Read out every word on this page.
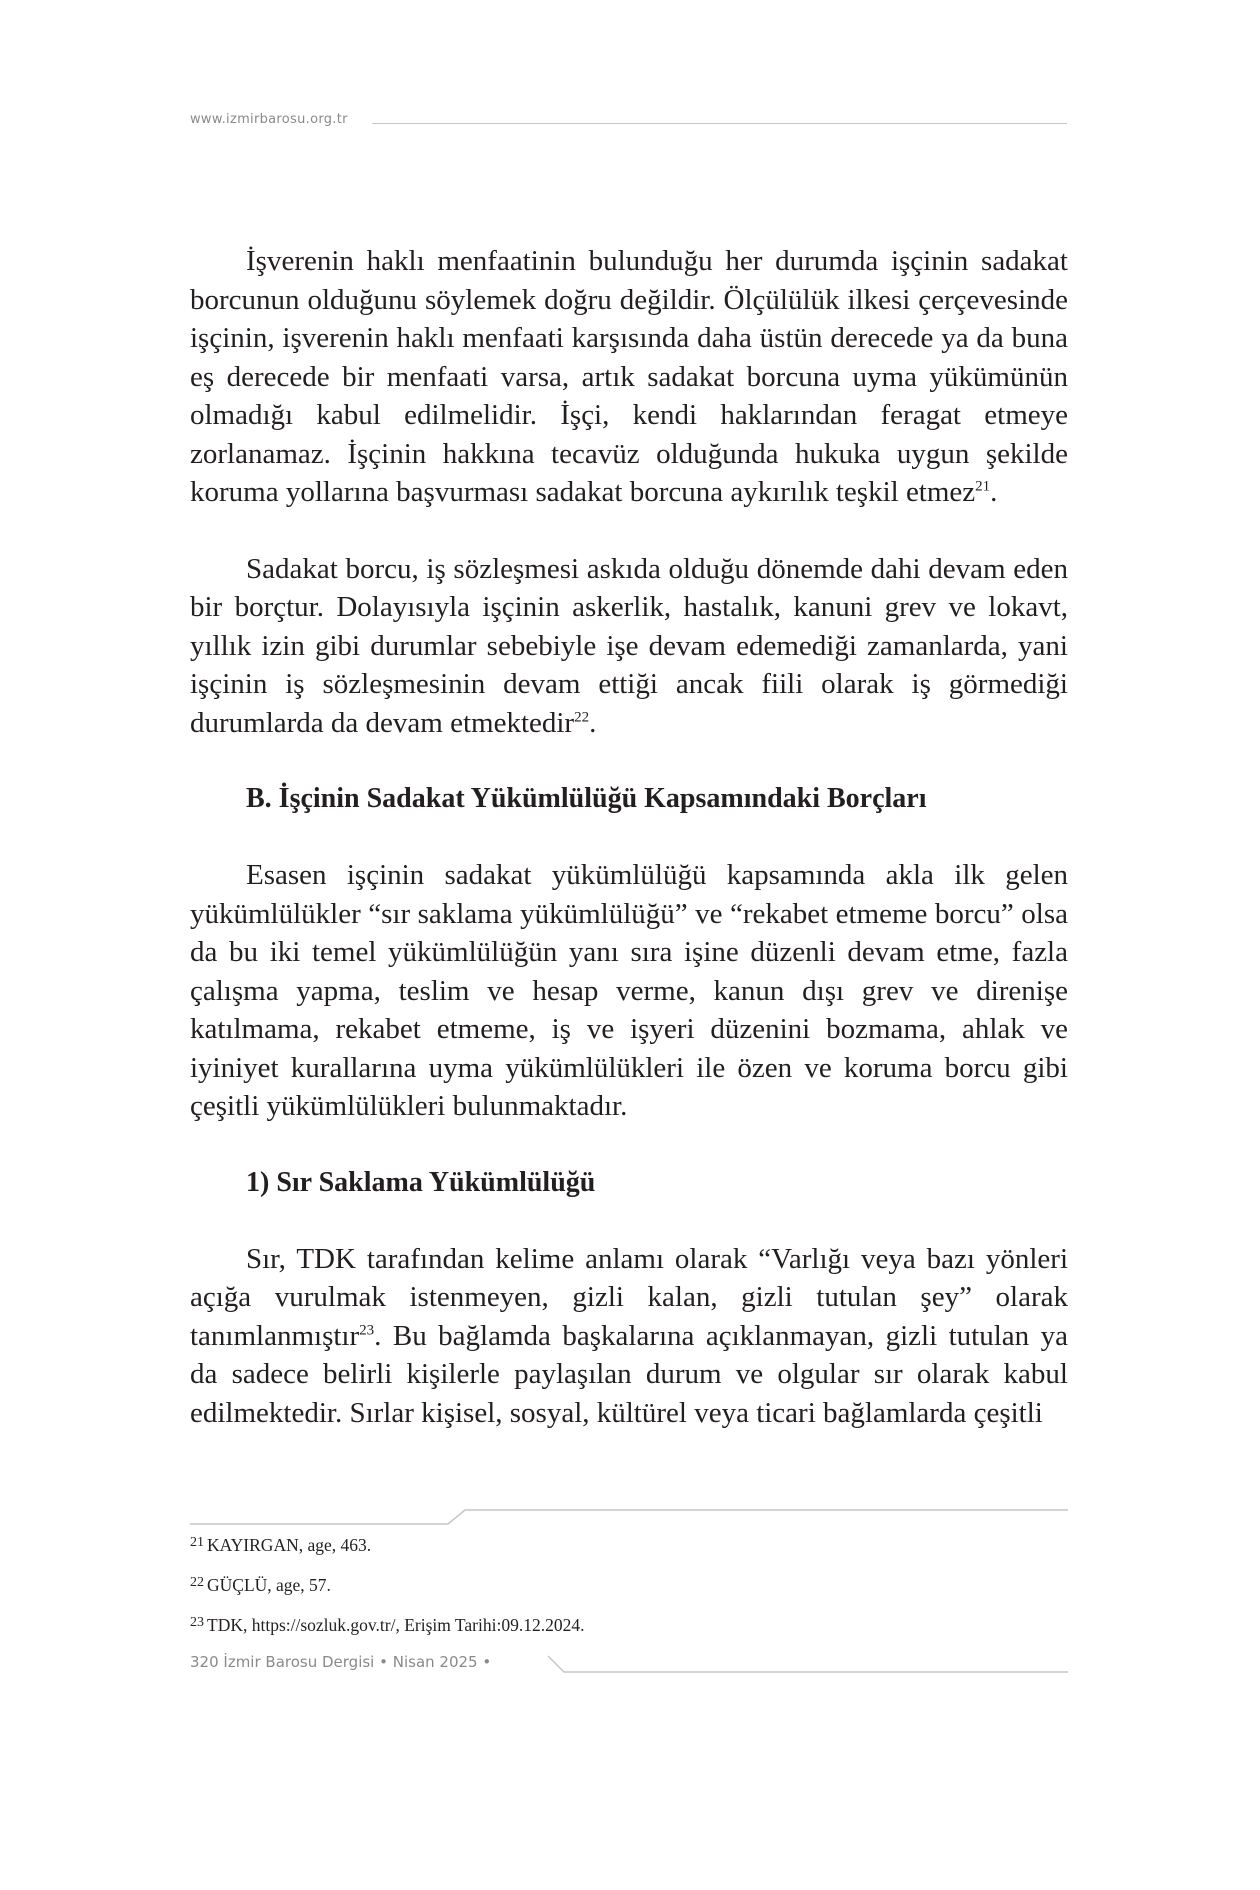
www.izmirbarosu.org.tr

İşverenin haklı menfaatinin bulunduğu her durumda işçinin sadakat borcunun olduğunu söylemek doğru değildir. Ölçülülük ilkesi çerçevesinde işçinin, işverenin haklı menfaati karşısında daha üstün derecede ya da buna eş derecede bir menfaati varsa, artık sadakat borcuna uyma yükümünün olmadığı kabul edilmelidir. İşçi, kendi haklarından feragat etmeye zorlanamaz. İşçinin hakkına tecavüz olduğunda hukuka uygun şekilde koruma yollarına başvurması sadakat borcuna aykırılık teşkil etmez$^{21}$.

Sadakat borcu, iş sözleşmesi askıda olduğu dönemde dahi devam eden bir borçtur. Dolayısıyla işçinin askerlik, hastalık, kanuni grev ve lokavt, yıllık izin gibi durumlar sebebiyle işe devam edemediği zamanlarda, yani işçinin iş sözleşmesinin devam ettiği ancak fiili olarak iş görmediği durumlarda da devam etmektedir$^{22}$.

B. İşçinin Sadakat Yükümlülüğü Kapsamındaki Borçları

Esasen işçinin sadakat yükümlülüğü kapsamında akla ilk gelen yükümlülükler “sır saklama yükümlülüğü” ve “rekabet etmeme borcu” olsa da bu iki temel yükümlülüğün yanı sıra işine düzenli devam etme, fazla çalışma yapma, teslim ve hesap verme, kanun dışı grev ve direnişe katılmama, rekabet etmeme, iş ve işyeri düzenini bozmama, ahlak ve iyiniyet kurallarına uyma yükümlülükleri ile özen ve koruma borcu gibi çeşitli yükümlülükleri bulunmaktadır.

1) Sır Saklama Yükümlülüğü

Sır, TDK tarafından kelime anlamı olarak “Varlığı veya bazı yönleri açığa vurulmak istenmeyen, gizli kalan, gizli tutulan şey” olarak tanımlanmıştır$^{23}$. Bu bağlamda başkalarına açıklanmayan, gizli tutulan ya da sadece belirli kişilerle paylaşılan durum ve olgular sır olarak kabul edilmektedir. Sırlar kişisel, sosyal, kültürel veya ticari bağlamlarda çeşitli

$^{21}$ KAYIRGAN, age, 463.

$^{22}$ GÜÇLÜ, age, 57.

$^{23}$ TDK, https://sozluk.gov.tr/, Erişim Tarihi:09.12.2024.

320 İzmir Barosu Dergisi • Nisan 2025 •
